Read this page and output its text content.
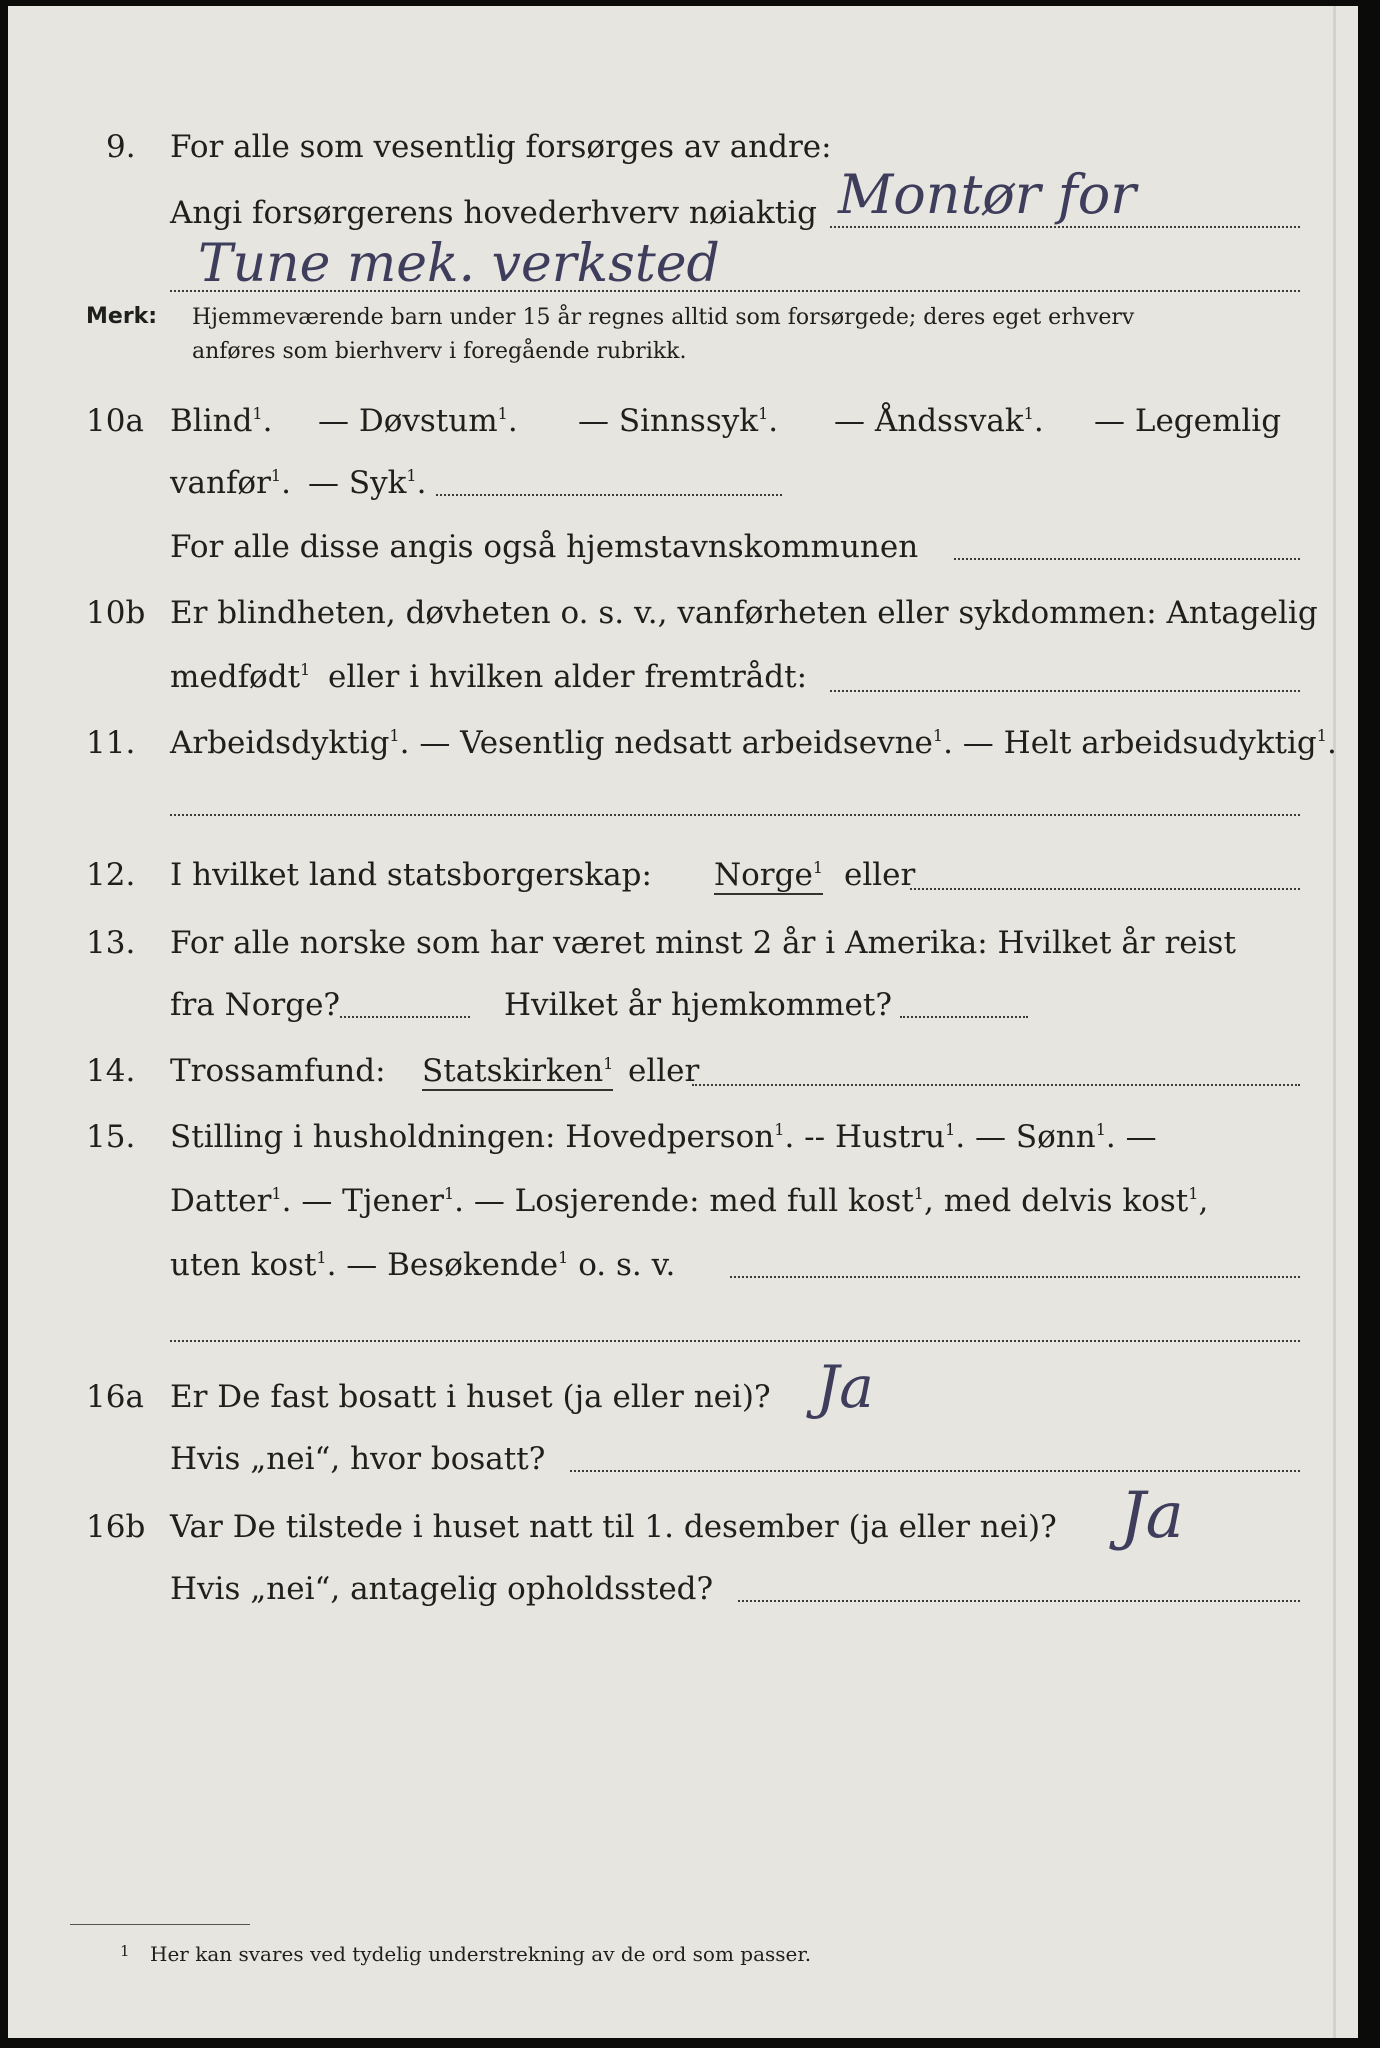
9. For alle som vesentlig forsørges av andre:
Angi forsørgerens hovederhverv nøiaktig Montør for
Tune mek. verksted
Merk: Hjemmeværende barn under 15 år regnes alltid som forsørgede; deres eget erhverv
anføres som bierhverv i foregående rubrikk.
10a Blind$^1$. — Døvstum$^1$. — Sinnssyk$^1$. — Åndssvak$^1$. — Legemlig
vanfør$^1$. — Syk$^1$.
For alle disse angis også hjemstavnskommunen
10b Er blindheten, døvheten o. s. v., vanførheten eller sykdommen: Antagelig
medfødt$^1$ eller i hvilken alder fremtrådt:
11. Arbeidsdyktig$^1$. — Vesentlig nedsatt arbeidsevne$^1$. — Helt arbeidsudyktig$^1$.
12. I hvilket land statsborgerskap: Norge$^1$ eller
13. For alle norske som har været minst 2 år i Amerika: Hvilket år reist
fra Norge?	Hvilket år hjemkommet?
14. Trossamfund: Statskirken$^1$ eller
15. Stilling i husholdningen: Hovedperson$^1$. -- Hustru$^1$. — Sønn$^1$. —
Datter$^1$. — Tjener$^1$. — Losjerende: med full kost$^1$, med delvis kost$^1$,
uten kost$^1$. — Besøkende$^1$ o. s. v.
16a Er De fast bosatt i huset (ja eller nei)? Ja
Hvis „nei“, hvor bosatt?
16b Var De tilstede i huset natt til 1. desember (ja eller nei)? Ja
Hvis „nei“, antagelig opholdssted?
1 Her kan svares ved tydelig understrekning av de ord som passer.
